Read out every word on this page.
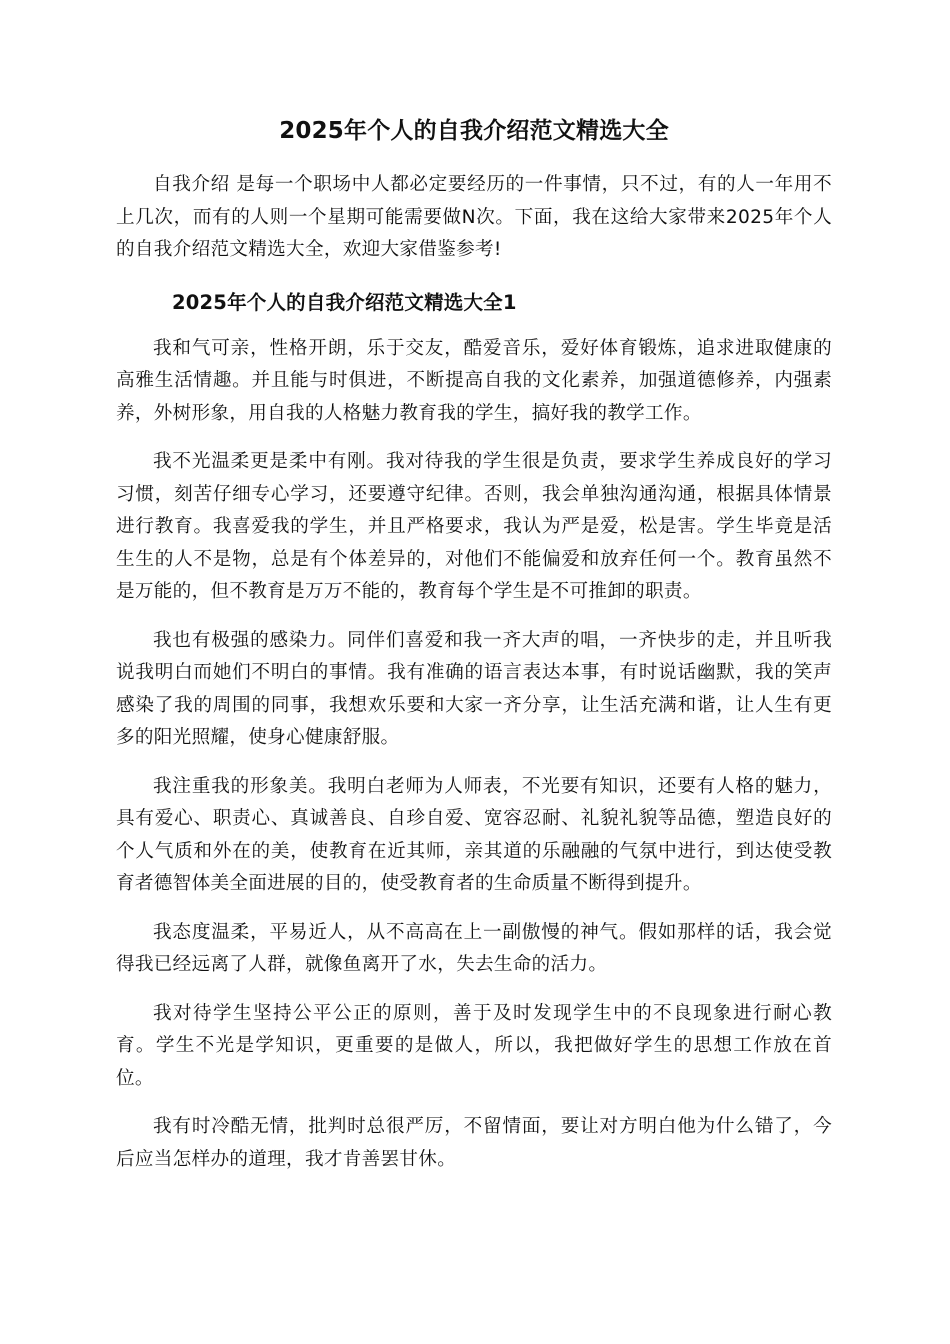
2025年个人的自我介绍范文精选大全

自我介绍 是每一个职场中人都必定要经历的一件事情，只不过，有的人一年用不上几次，而有的人则一个星期可能需要做N次。下面，我在这给大家带来2025年个人的自我介绍范文精选大全，欢迎大家借鉴参考!

2025年个人的自我介绍范文精选大全1

我和气可亲，性格开朗，乐于交友，酷爱音乐，爱好体育锻炼，追求进取健康的高雅生活情趣。并且能与时俱进，不断提高自我的文化素养，加强道德修养，内强素养，外树形象，用自我的人格魅力教育我的学生，搞好我的教学工作。

我不光温柔更是柔中有刚。我对待我的学生很是负责，要求学生养成良好的学习习惯，刻苦仔细专心学习，还要遵守纪律。否则，我会单独沟通沟通，根据具体情景进行教育。我喜爱我的学生，并且严格要求，我认为严是爱，松是害。学生毕竟是活生生的人不是物，总是有个体差异的，对他们不能偏爱和放弃任何一个。教育虽然不是万能的，但不教育是万万不能的，教育每个学生是不可推卸的职责。

我也有极强的感染力。同伴们喜爱和我一齐大声的唱，一齐快步的走，并且听我说我明白而她们不明白的事情。我有准确的语言表达本事，有时说话幽默，我的笑声感染了我的周围的同事，我想欢乐要和大家一齐分享，让生活充满和谐，让人生有更多的阳光照耀，使身心健康舒服。

我注重我的形象美。我明白老师为人师表，不光要有知识，还要有人格的魅力，具有爱心、职责心、真诚善良、自珍自爱、宽容忍耐、礼貌礼貌等品德，塑造良好的个人气质和外在的美，使教育在近其师，亲其道的乐融融的气氛中进行，到达使受教育者德智体美全面进展的目的，使受教育者的生命质量不断得到提升。

我态度温柔，平易近人，从不高高在上一副傲慢的神气。假如那样的话，我会觉得我已经远离了人群，就像鱼离开了水，失去生命的活力。

我对待学生坚持公平公正的原则，善于及时发现学生中的不良现象进行耐心教育。学生不光是学知识，更重要的是做人，所以，我把做好学生的思想工作放在首位。

我有时冷酷无情，批判时总很严厉，不留情面，要让对方明白他为什么错了，今后应当怎样办的道理，我才肯善罢甘休。
